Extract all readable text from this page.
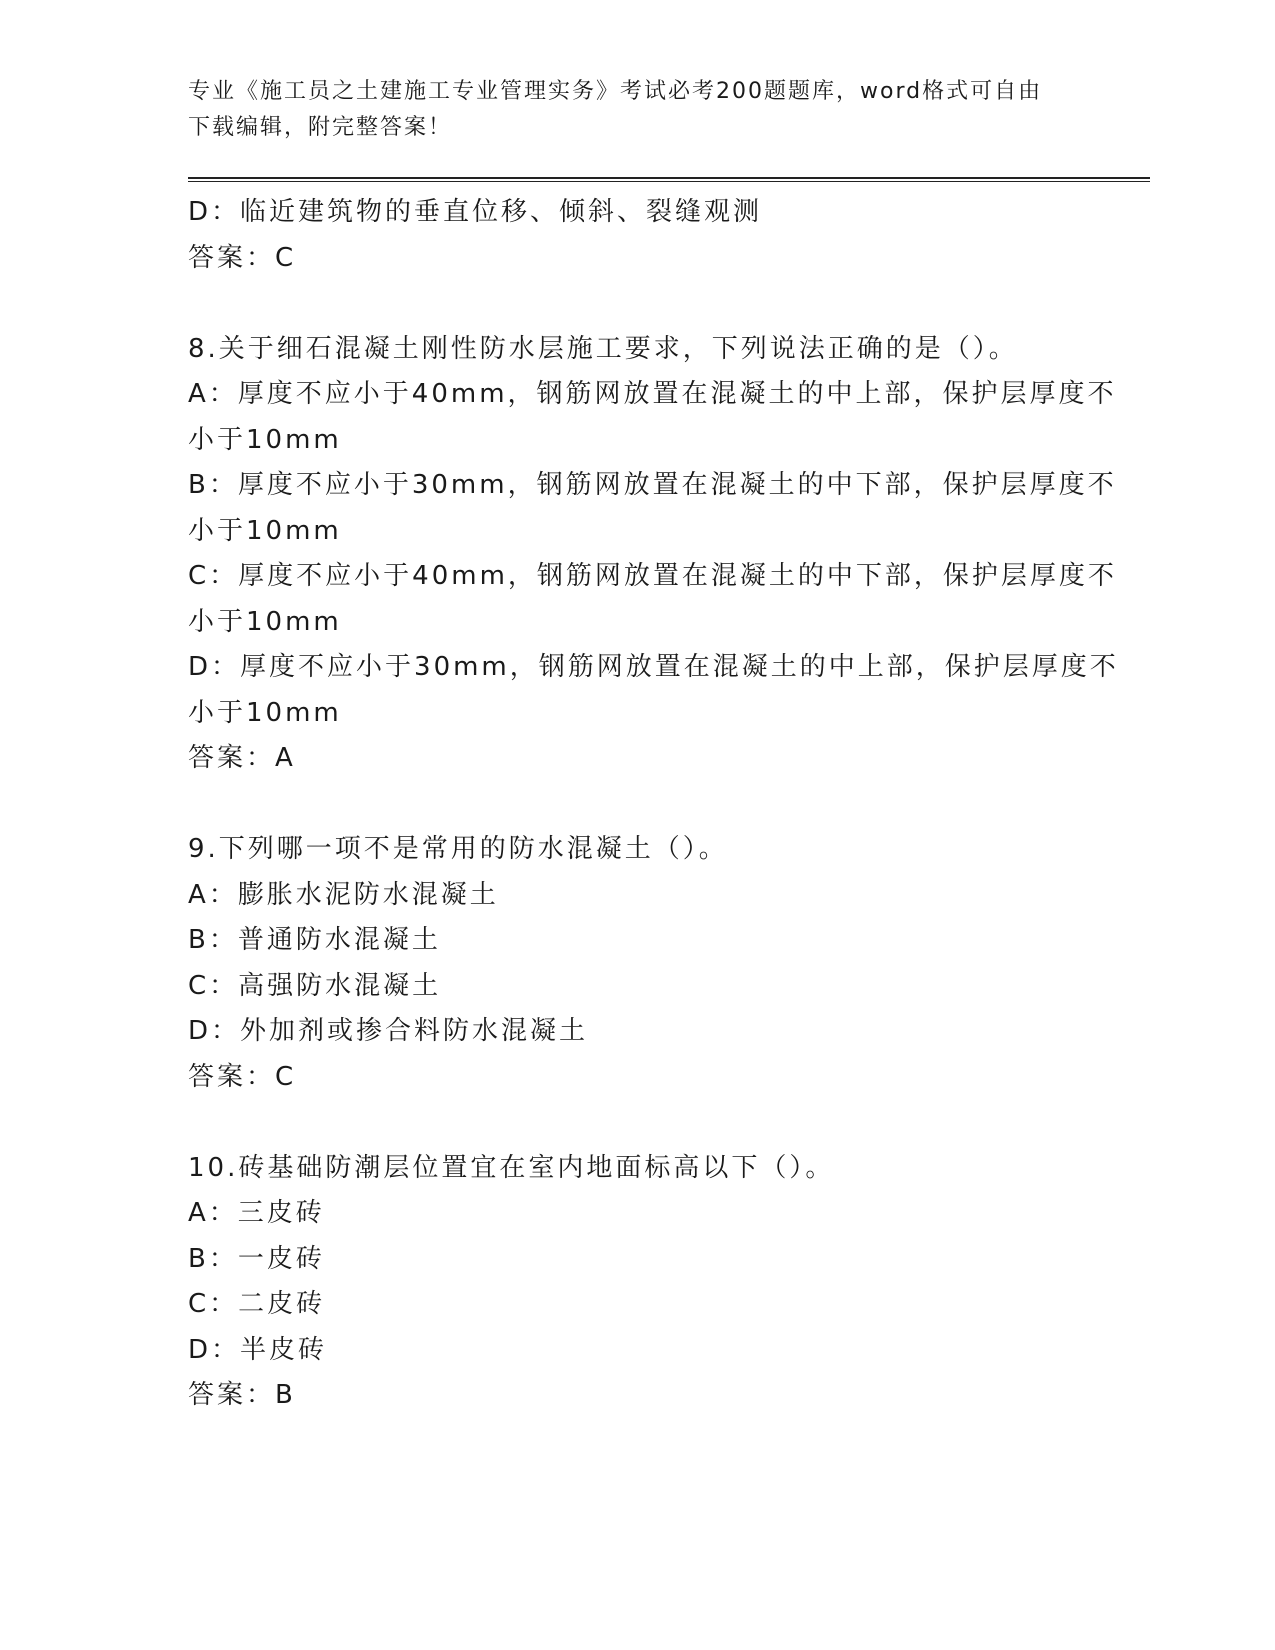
专业《施工员之土建施工专业管理实务》考试必考200题题库，word格式可自由
下载编辑，附完整答案！
D：临近建筑物的垂直位移、倾斜、裂缝观测
答案：C
8.关于细石混凝土刚性防水层施工要求，下列说法正确的是（）。
A：厚度不应小于40mm，钢筋网放置在混凝土的中上部，保护层厚度不
小于10mm
B：厚度不应小于30mm，钢筋网放置在混凝土的中下部，保护层厚度不
小于10mm
C：厚度不应小于40mm，钢筋网放置在混凝土的中下部，保护层厚度不
小于10mm
D：厚度不应小于30mm，钢筋网放置在混凝土的中上部，保护层厚度不
小于10mm
答案：A
9.下列哪一项不是常用的防水混凝土（）。
A：膨胀水泥防水混凝土
B：普通防水混凝土
C：高强防水混凝土
D：外加剂或掺合料防水混凝土
答案：C
10.砖基础防潮层位置宜在室内地面标高以下（）。
A：三皮砖
B：一皮砖
C：二皮砖
D：半皮砖
答案：B
